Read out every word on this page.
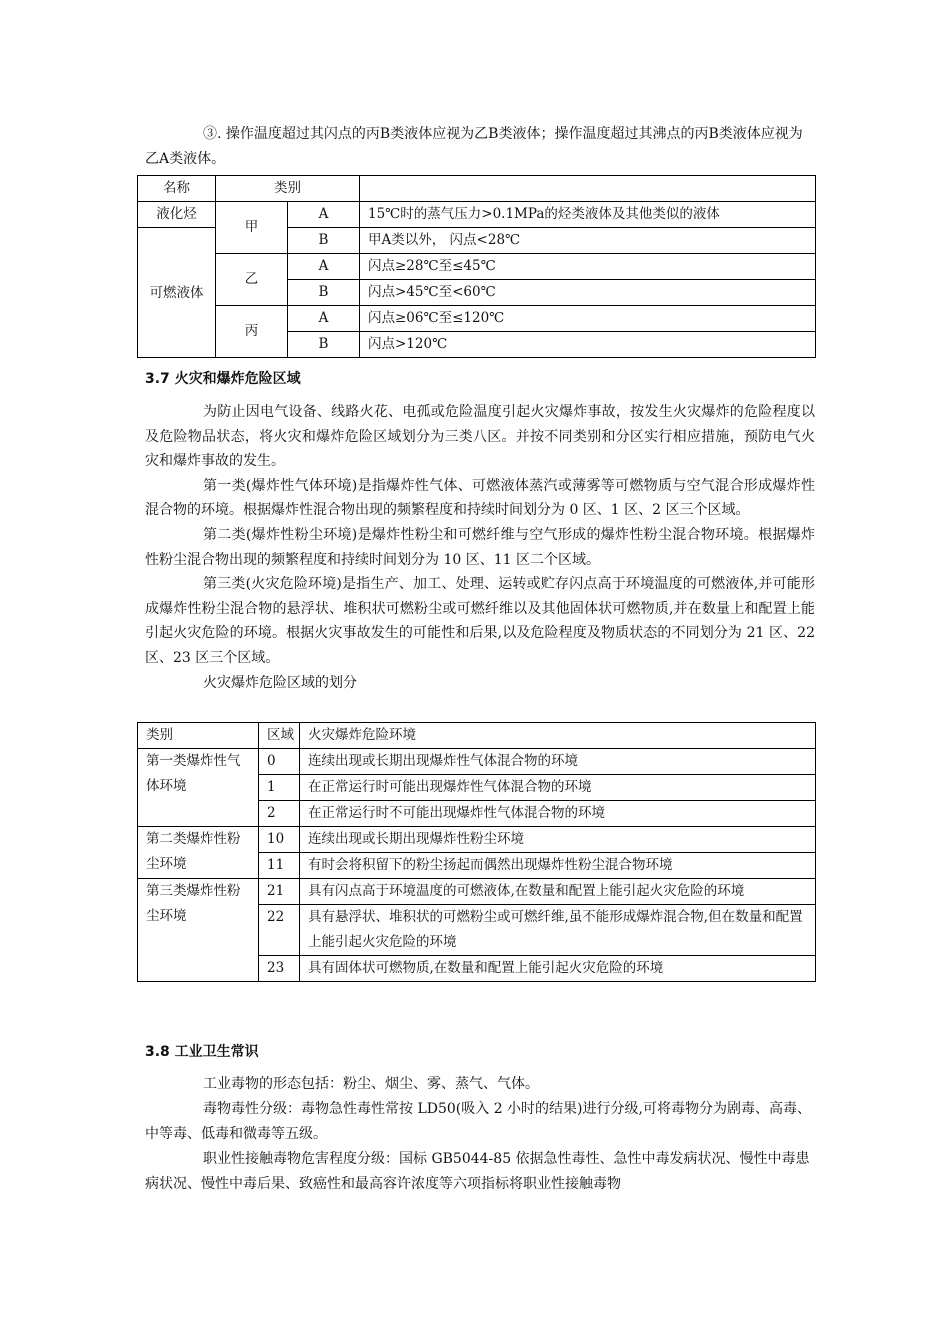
③. 操作温度超过其闪点的丙B类液体应视为乙B类液体；操作温度超过其沸点的丙B类液体应视为乙A类液体。

名称	类别		
液化烃	甲	A	15℃时的蒸气压力>0.1MPa的烃类液体及其他类似的液体
可燃液体		B	甲A类以外， 闪点<28℃
	乙	A	闪点≥28℃至≤45℃
		B	闪点>45℃至<60℃
	丙	A	闪点≥06℃至≤120℃
		B	闪点>120℃
3.7 火灾和爆炸危险区域

为防止因电气设备、线路火花、电孤或危险温度引起火灾爆炸事故，按发生火灾爆炸的危险程度以及危险物品状态，将火灾和爆炸危险区域划分为三类八区。并按不同类别和分区实行相应措施，预防电气火灾和爆炸事故的发生。

第一类(爆炸性气体环境)是指爆炸性气体、可燃液体蒸汽或薄雾等可燃物质与空气混合形成爆炸性混合物的环境。根据爆炸性混合物出现的频繁程度和持续时间划分为 0 区、1 区、2 区三个区域。

第二类(爆炸性粉尘环境)是爆炸性粉尘和可燃纤维与空气形成的爆炸性粉尘混合物环境。根据爆炸性粉尘混合物出现的频繁程度和持续时间划分为 10 区、11 区二个区域。

第三类(火灾危险环境)是指生产、加工、处理、运转或贮存闪点高于环境温度的可燃液体,并可能形成爆炸性粉尘混合物的悬浮状、堆积状可燃粉尘或可燃纤维以及其他固体状可燃物质,并在数量上和配置上能引起火灾危险的环境。根据火灾事故发生的可能性和后果,以及危险程度及物质状态的不同划分为 21 区、22 区、23 区三个区域。

火灾爆炸危险区域的划分

类别	区域	火灾爆炸危险环境
第一类爆炸性气体环境	0	连续出现或长期出现爆炸性气体混合物的环境
	1	在正常运行时可能出现爆炸性气体混合物的环境
	2	在正常运行时不可能出现爆炸性气体混合物的环境
第二类爆炸性粉尘环境	10	连续出现或长期出现爆炸性粉尘环境
	11	有时会将积留下的粉尘扬起而偶然出现爆炸性粉尘混合物环境
第三类爆炸性粉尘环境	21	具有闪点高于环境温度的可燃液体,在数量和配置上能引起火灾危险的环境
	22	具有悬浮状、堆积状的可燃粉尘或可燃纤维,虽不能形成爆炸混合物,但在数量和配置上能引起火灾危险的环境
	23	具有固体状可燃物质,在数量和配置上能引起火灾危险的环境
3.8 工业卫生常识

工业毒物的形态包括：粉尘、烟尘、雾、蒸气、气体。

毒物毒性分级：毒物急性毒性常按 LD50(吸入 2 小时的结果)进行分级,可将毒物分为剧毒、高毒、中等毒、低毒和微毒等五级。

职业性接触毒物危害程度分级：国标 GB5044-85 依据急性毒性、急性中毒发病状况、慢性中毒患病状况、慢性中毒后果、致癌性和最高容许浓度等六项指标将职业性接触毒物
